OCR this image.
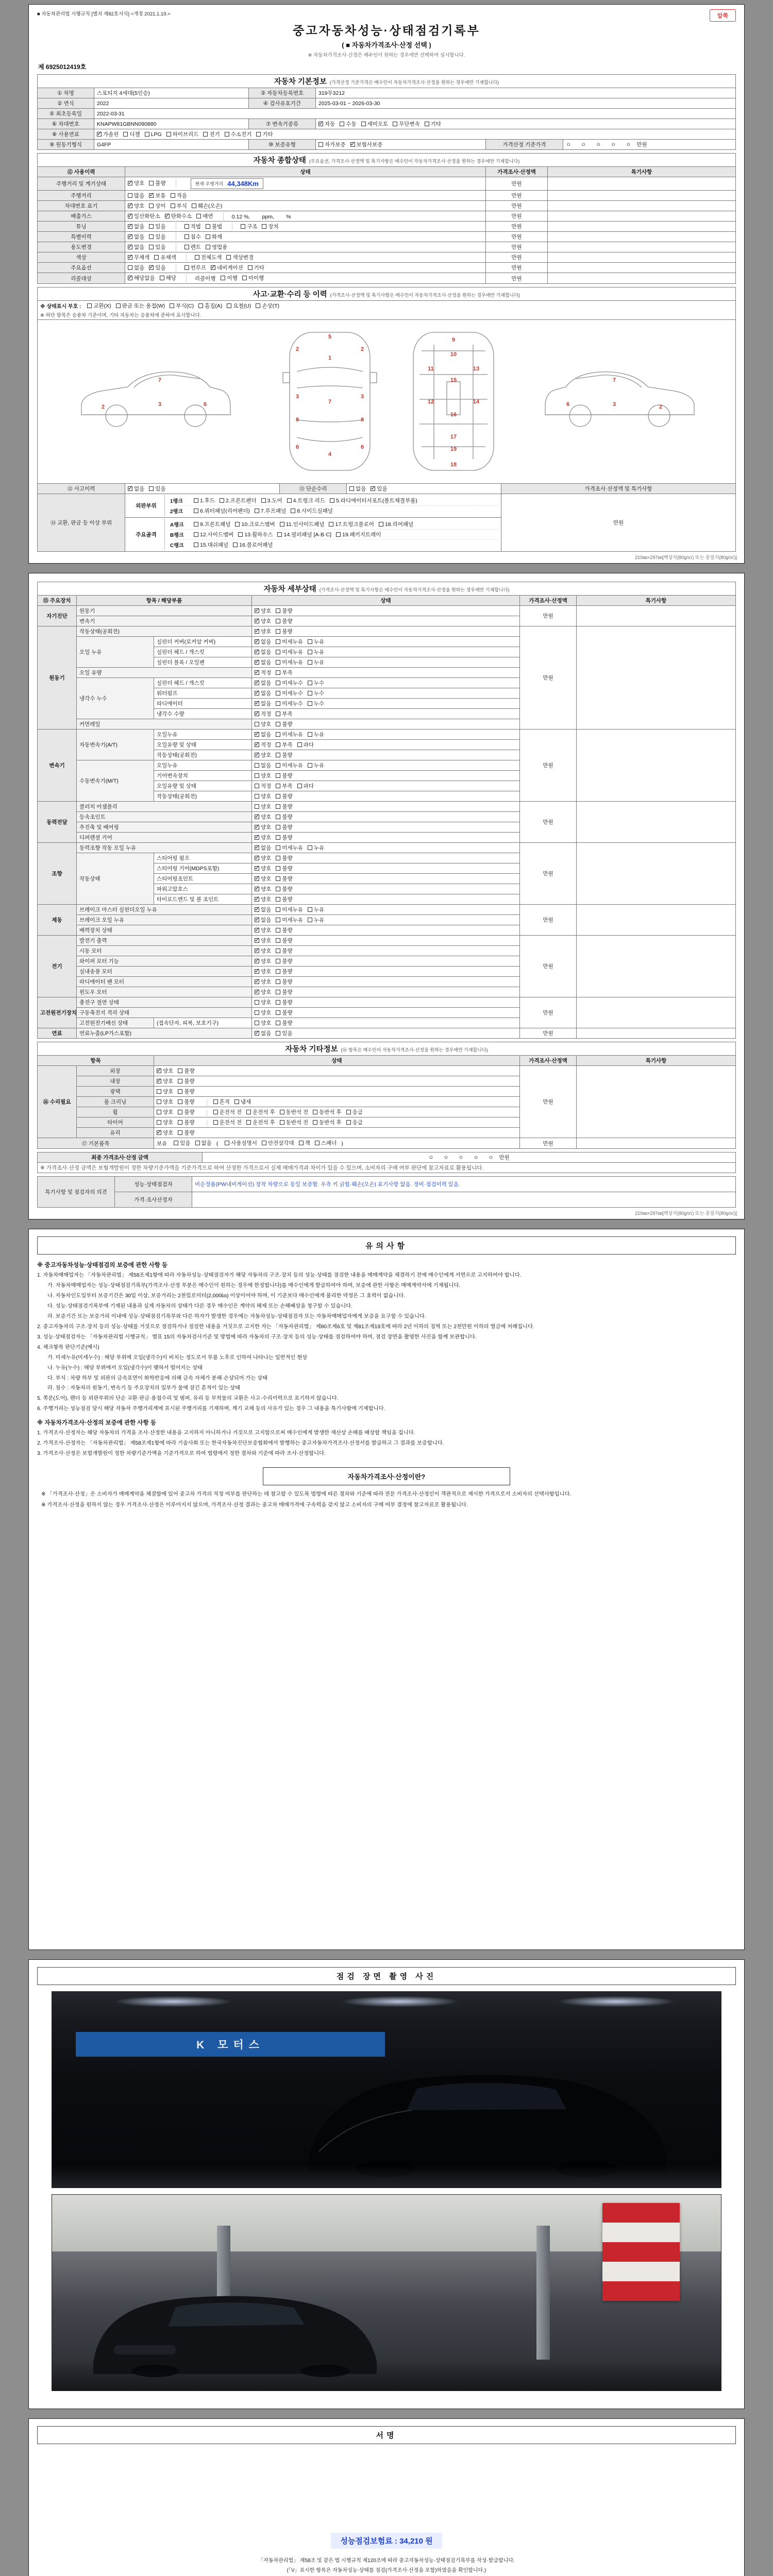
■ 자동차관리법 시행규칙 [별지 제82호서식] <개정 2021.1.19.>	앞쪽
중고자동차성능·상태점검기록부
( ■ 자동차가격조사·산정 선택 )
※ 자동차가격조사·산정은 매수인이 원하는 경우에만 선택하여 실시합니다.
제 6925012419호
자동차 기본정보 (가격산정 기준가격은 매수인이 자동차가격조사·산정을 원하는 경우에만 기재합니다)					
① 차명	스포티지 4세대(5인승)	③ 자동차등록번호	319무3212		
② 연식	2022	④ 검사유효기간	2025-03-01 ~ 2026-03-30		
⑤ 최초등록일	2022-03-31				
⑥ 차대번호	KNAPW81GBNN090880	⑦ 변속기종류	
✓자동 수동 세미오토 무단변속 기타

⑧ 사용연료	
✓가솔린 디젤 LPG 하이브리드 전기 수소전기 기타

⑨ 원동기형식	G4FP	⑩ 보증유형	자가보증 ✓ 보험사보증	가격산정 기준가격	ㅇ ㅇ ㅇ ㅇ ㅇ 만원
자동차 종합상태 (주요옵션, 가격조사·산정액 및 특기사항은 매수인이 자동차가격조사·산정을 원하는 경우에만 기재합니다)			
⑪ 사용이력	상태	가격조사·산정액	특기사항
주행거리 및 계기상태	
✓양호 불량 현재 주행거리 44,348Km	만원	
주행거리	많음 ✓ 보통 적음	만원	
차대번호 표기	
✓양호 상이 부식 훼손(오손)	만원	
배출가스	
✓일산화탄소 ✓ 탄화수소 매연 0.12 %,        ppm,        %	만원	
튜닝	
✓없음 있음	적법 불법	구조 장치	만원	
특별이력	
✓없음 있음 침수 화재	만원	
용도변경	
✓없음 있음 렌트 영업용	만원	
색상	
✓무채색 유채색 전체도색 색상변경	만원	
주요옵션	없음 ✓ 있음 썬루프 ✓ 네비게이션 기타	만원	
리콜대상	
✓해당없음 해당 리콜이행 이행 미이행	만원	
사고·교환·수리 등 이력 (가격조사·산정액 및 특기사항은 매수인이 자동차가격조사·산정을 원하는 경우에만 기재합니다)				

※ 상태표시 부호 : 교환(X) 판금 또는 용접(W) 부식(C) 흠집(A) 요철(U) 손상(T)
※ 하단 항목은 승용차 기준이며, 기타 자동차는 승용차에 준하여 표시합니다.

2	3	6
7
5
1
2	2
3	3
7
6	6
8	8
4
9
10
11	13
15
12	14
16
17
19
18
6	3	2
7

⑫ 사고이력	
✓없음 있음	⑬ 단순수리	없음 ✓ 있음	가격조사·산정액 및 특기사항
⑭ 교환, 판금 등 이상 부위	
외판부위
1랭크	1.후드 2.프론트펜더 3.도어 4.트렁크 리드 5.라디에이터서포트(볼트체결부품)
2랭크	6.쿼터패널(리어펜더) 7.루프패널 8.사이드실패널
	만원

주요골격
A랭크	9.프론트패널 10.크로스멤버 11.인사이드패널 17.트렁크플로어 18.리어패널
B랭크	12.사이드멤버 13.휠하우스 14.필러패널 [A·B·C] 19.패키지트레이
C랭크	15.대쉬패널 16.플로어패널
210㎜×297㎜[백상지(80g/㎡) 또는 중질지(80g/㎡)]
자동차 세부상태 (가격조사·산정액 및 특기사항은 매수인이 자동차가격조사·산정을 원하는 경우에만 기재합니다)					
⑮ 주요장치	항목 / 해당부품		상태	가격조사·산정액	특기사항
자기진단	원동기	
✓양호 불량	만원	
	변속기	
✓양호 불량

원동기	작동상태(공회전)	
✓양호 불량	만원	
	오일 누유	실린더 커버(로커암 커버)	
✓없음 미세누유 누유

		실린더 헤드 / 개스킷	
✓없음 미세누유 누유

		실린더 블록 / 오일팬	
✓없음 미세누유 누유

	오일 유량	
✓적정 부족

	냉각수 누수	실린더 헤드 / 개스킷	
✓없음 미세누수 누수

		워터펌프	
✓없음 미세누수 누수

		라디에이터	
✓없음 미세누수 누수

		냉각수 수량	
✓적정 부족

	커먼레일		양호 불량		

변속기	자동변속기(A/T)	오일누유	
✓없음 미세누유 누유	만원	
		오일유량 및 상태	
✓적정 부족 과다

		작동상태(공회전)	
✓양호 불량

	수동변속기(M/T)	오일누유	없음 미세누유 누유		

		기어변속장치	양호 불량		

		오일유량 및 상태	적정 부족 과다		

		작동상태(공회전)	양호 불량		

동력전달	클러치 어셈블리		양호 불량	만원	
	등속조인트	
✓양호 불량

	추진축 및 베어링	
✓양호 불량

	디퍼렌셜 기어	
✓양호 불량

조향	동력조향 작동 오일 누유	
✓없음 미세누유 누유	만원	
	작동상태	스티어링 펌프	
✓양호 불량

		스티어링 기어(MDPS포함)	
✓양호 불량

		스티어링조인트	
✓양호 불량

		파워고압호스	
✓양호 불량

		타이로드엔드 및 볼 조인트	
✓양호 불량

제동	브레이크 마스터 실린더오일 누유	
✓없음 미세누유 누유	만원	
	브레이크 오일 누유	
✓없음 미세누유 누유

	배력장치 상태	
✓양호 불량

전기	발전기 출력	
✓양호 불량	만원	
	시동 모터	
✓양호 불량

	와이퍼 모터 기능	
✓양호 불량

	실내송풍 모터	
✓양호 불량

	라디에이터 팬 모터	
✓양호 불량

	윈도우 모터	
✓양호 불량

고전원전기장치	충전구 절연 상태		양호 불량	만원	
	구동축전지 격리 상태		양호 불량		

	고전원전기배선 상태	(접속단자, 피복, 보호기구)	양호 불량		

연료	연료누출(LP가스포함)	
✓없음 있음	만원	
자동차 기타정보 (⑯ 항목은 매수인이 자동차가격조사·산정을 원하는 경우에만 기재합니다)				
항목		상태	가격조사·산정액	특기사항
⑯ 수리필요	외장	
✓양호 불량	만원	
	내장	
✓양호 불량

	광택	양호 불량		

	룸 크리닝	양호 불량 흔적 냄새		

휠	양호 불량	운전석 전 운전석 후 동반석 전 동반석 후 응급

타이어	양호 불량	운전석 전 운전석 후 동반석 전 동반석 후 응급

	유리	
✓양호 불량

⑰ 기본품목	보유 있음 없음 ( 사용설명서 안전삼각대 잭 스패너 )	만원	
최종 가격조사·산정 금액	ㅇ ㅇ ㅇ ㅇ ㅇ 만원
※ 가격조사·산정 금액은 보험개발원이 정한 차량기준가액을 기준가격으로 하여 산정한 가격으로서 실제 매매가격과 차이가 있을 수 있으며, 소비자의 구매 여부 판단에 참고자료로 활용됩니다.
특기사항 및 점검자의 의견	성능·상태점검자	비순정품(PW내비게이션) 장착 차량으로 동일 보증함. 우측 키 긁힘·훼손(오손) 표기사항 없음. 정비·점검이력 있음.
	가격·조사산정자	
210㎜×297㎜[백상지(80g/㎡) 또는 중질지(80g/㎡)]
유의사항
※ 중고자동차성능·상태점검의 보증에 관한 사항 등

1. 자동차매매업자는 「자동차관리법」 제58조제1항에 따라 자동차성능·상태점검자가 해당 자동차의 구조·장치 등의 성능·상태를 점검한 내용을 매매계약을 체결하기 전에 매수인에게 서면으로 고지하여야 합니다.

가. 자동차매매업자는 성능·상태점검기록부(가격조사·산정 부분은 매수인이 원하는 경우에 한정합니다)를 매수인에게 발급하여야 하며, 보증에 관한 사항은 매매계약서에 기재됩니다.

나. 자동차인도일부터 보증기간은 30일 이상, 보증거리는 2천킬로미터(2,000㎞) 이상이어야 하며, 이 기준보다 매수인에게 불리한 약정은 그 효력이 없습니다.

다. 성능·상태점검기록부에 기재된 내용과 실제 자동차의 상태가 다른 경우 매수인은 계약의 해제 또는 손해배상을 청구할 수 있습니다.

라. 보증기간 또는 보증거리 이내에 성능·상태점검기록부와 다른 하자가 발생한 경우에는 자동차성능·상태점검자 또는 자동차매매업자에게 보증을 요구할 수 있습니다.

2. 중고자동차의 구조·장치 등의 성능·상태를 거짓으로 점검하거나 점검한 내용을 거짓으로 고지한 자는 「자동차관리법」 제80조제6호 및 제81조제19호에 따라 2년 이하의 징역 또는 2천만원 이하의 벌금에 처해집니다.

3. 성능·상태점검자는 「자동차관리법 시행규칙」 별표 15의 자동차검사기준 및 방법에 따라 자동차의 구조·장치 등의 성능·상태를 점검하여야 하며, 점검 장면을 촬영한 사진을 함께 보관합니다.

4. 체크항목 판단기준(예시)

가. 미세누유(미세누수) : 해당 부위에 오일(냉각수)이 비치는 정도로서 부품 노후로 인하여 나타나는 일반적인 현상

나. 누유(누수) : 해당 부위에서 오일(냉각수)이 맺혀서 떨어지는 상태

다. 부식 : 차량 하부 및 외판의 금속표면이 화학반응에 의해 금속 자체가 분해·손상되어 가는 상태

라. 침수 : 자동차의 원동기, 변속기 등 주요장치의 일부가 물에 잠긴 흔적이 있는 상태

5. 쪽문(도어), 펜더 등 외판부위의 단순 교환·판금·용접수리 및 범퍼, 유리 등 부착물의 교환은 사고·수리이력으로 표기하지 않습니다.

6. 주행거리는 성능점검 당시 해당 자동차 주행거리계에 표시된 주행거리를 기재하며, 계기 교체 등의 사유가 있는 경우 그 내용을 특기사항에 기재합니다.

※ 자동차가격조사·산정의 보증에 관한 사항 등

1. 가격조사·산정자는 해당 자동차의 가격을 조사·산정한 내용을 고지하지 아니하거나 거짓으로 고지함으로써 매수인에게 발생한 재산상 손해를 배상할 책임을 집니다.

2. 가격조사·산정자는 「자동차관리법」 제58조제1항에 따라 기술사회 또는 한국자동차진단보증협회에서 발행하는 중고자동차가격조사·산정서를 발급하고 그 결과를 보증합니다.

3. 가격조사·산정은 보험개발원이 정한 차량기준가액을 기준가격으로 하여 법령에서 정한 절차와 기준에 따라 조사·산정합니다.

자동차가격조사·산정이란?

※ 「가격조사·산정」은 소비자가 매매계약을 체결함에 있어 중고차 가격의 적정 여부를 판단하는 데 참고할 수 있도록 법령에 따른 절차와 기준에 따라 전문 가격조사·산정인이 객관적으로 제시한 가격으로서 소비자의 선택사항입니다.

※ 가격조사·산정을 원하지 않는 경우 가격조사·산정은 이루어지지 않으며, 가격조사·산정 결과는 중고차 매매가격에 구속력을 갖지 않고 소비자의 구매 여부 결정에 참고자료로 활용됩니다.

점검 장면 촬영 사진
K 모터스
서명
성능점검보험료 : 34,210 원
「자동차관리법」 제58조 및 같은 법 시행규칙 제120조에 따라 중고자동차성능·상태점검기록부를 작성·발급합니다.
(「V」표시한 항목은 자동차성능·상태를 점검(가격조사·산정을 포함)하였음을 확인합니다.)
